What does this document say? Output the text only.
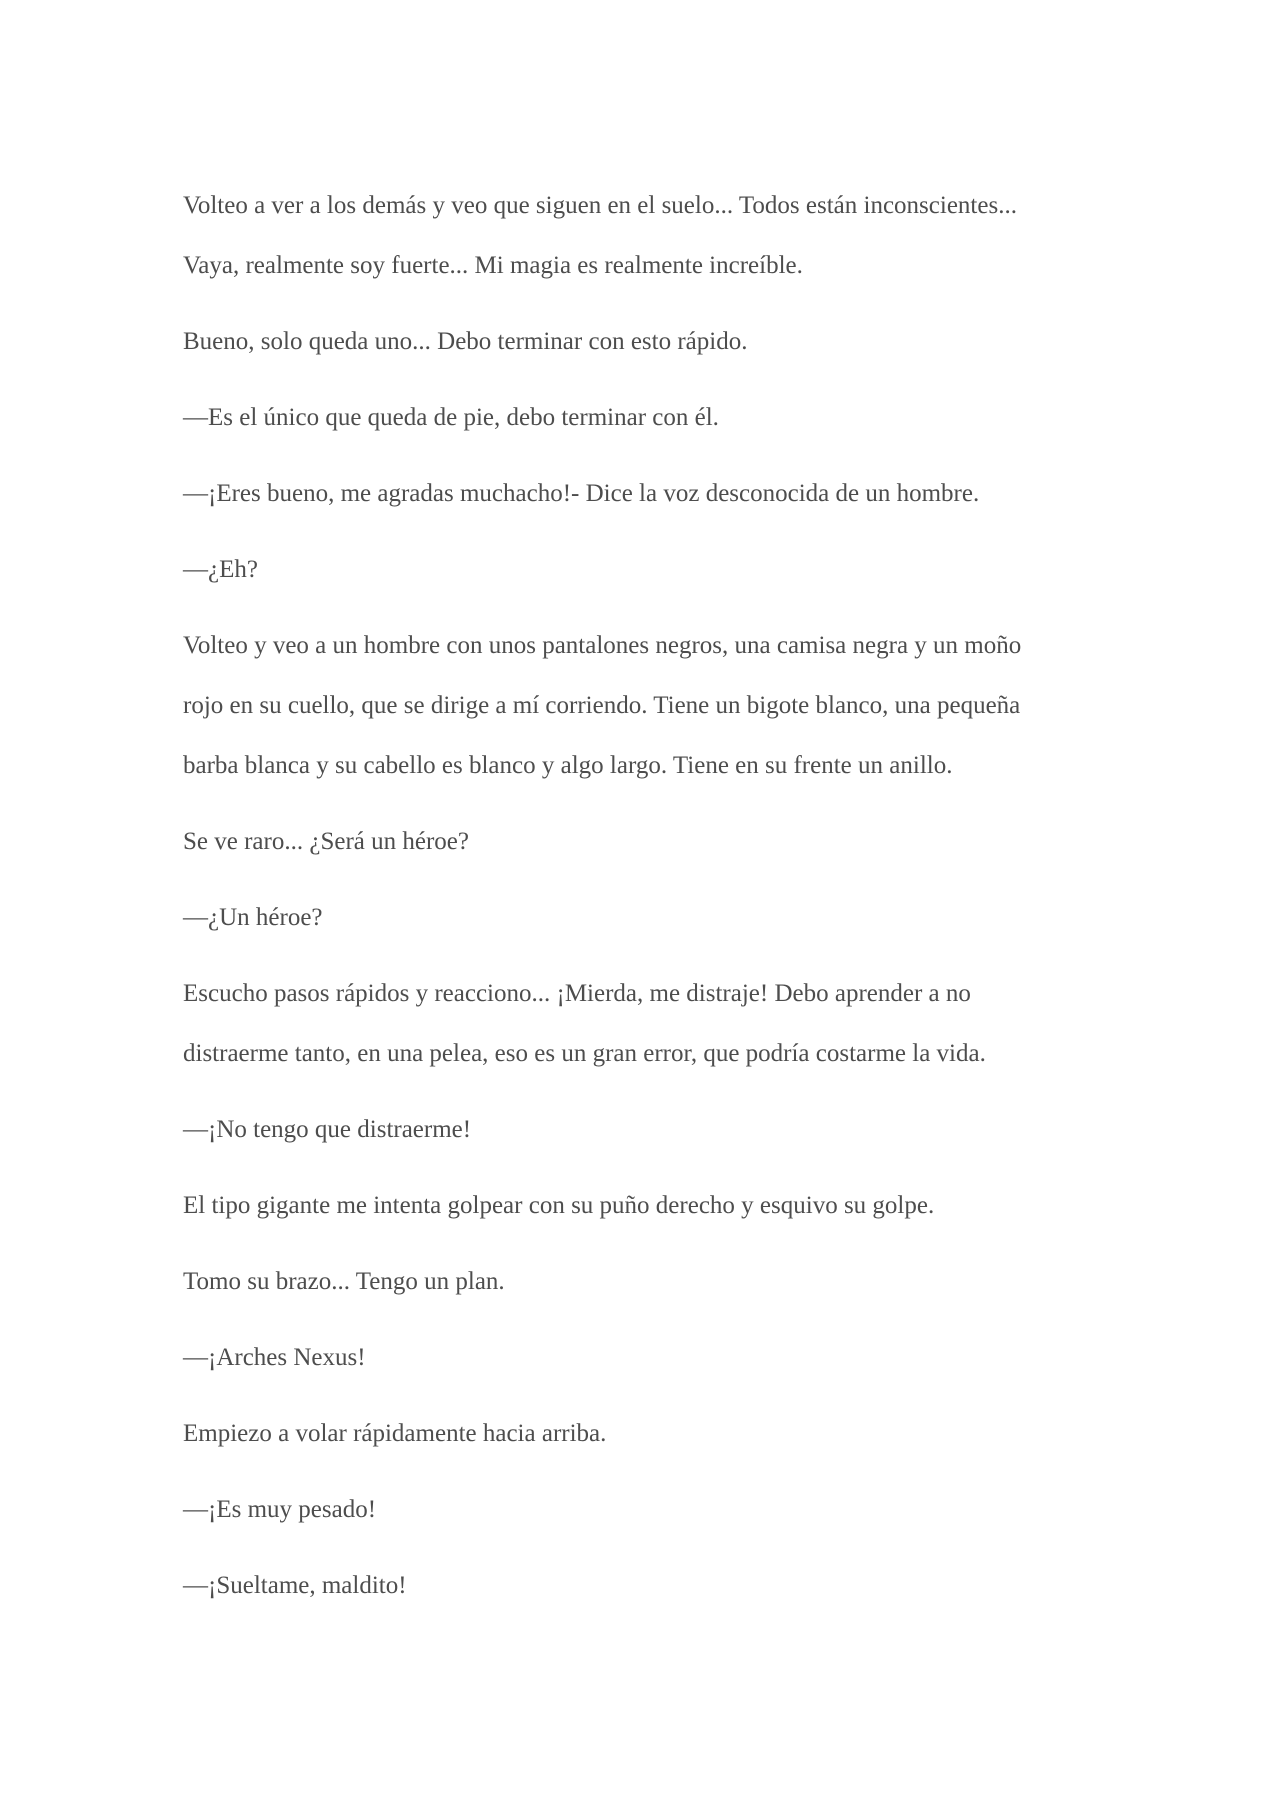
Volteo a ver a los demás y veo que siguen en el suelo... Todos están inconscientes...
Vaya, realmente soy fuerte... Mi magia es realmente increíble.

Bueno, solo queda uno... Debo terminar con esto rápido.

—Es el único que queda de pie, debo terminar con él.

—¡Eres bueno, me agradas muchacho!- Dice la voz desconocida de un hombre.

—¿Eh?

Volteo y veo a un hombre con unos pantalones negros, una camisa negra y un moño
rojo en su cuello, que se dirige a mí corriendo. Tiene un bigote blanco, una pequeña
barba blanca y su cabello es blanco y algo largo. Tiene en su frente un anillo.

Se ve raro... ¿Será un héroe?

—¿Un héroe?

Escucho pasos rápidos y reacciono... ¡Mierda, me distraje! Debo aprender a no
distraerme tanto, en una pelea, eso es un gran error, que podría costarme la vida.

—¡No tengo que distraerme!

El tipo gigante me intenta golpear con su puño derecho y esquivo su golpe.

Tomo su brazo... Tengo un plan.

—¡Arches Nexus!

Empiezo a volar rápidamente hacia arriba.

—¡Es muy pesado!

—¡Sueltame, maldito!
